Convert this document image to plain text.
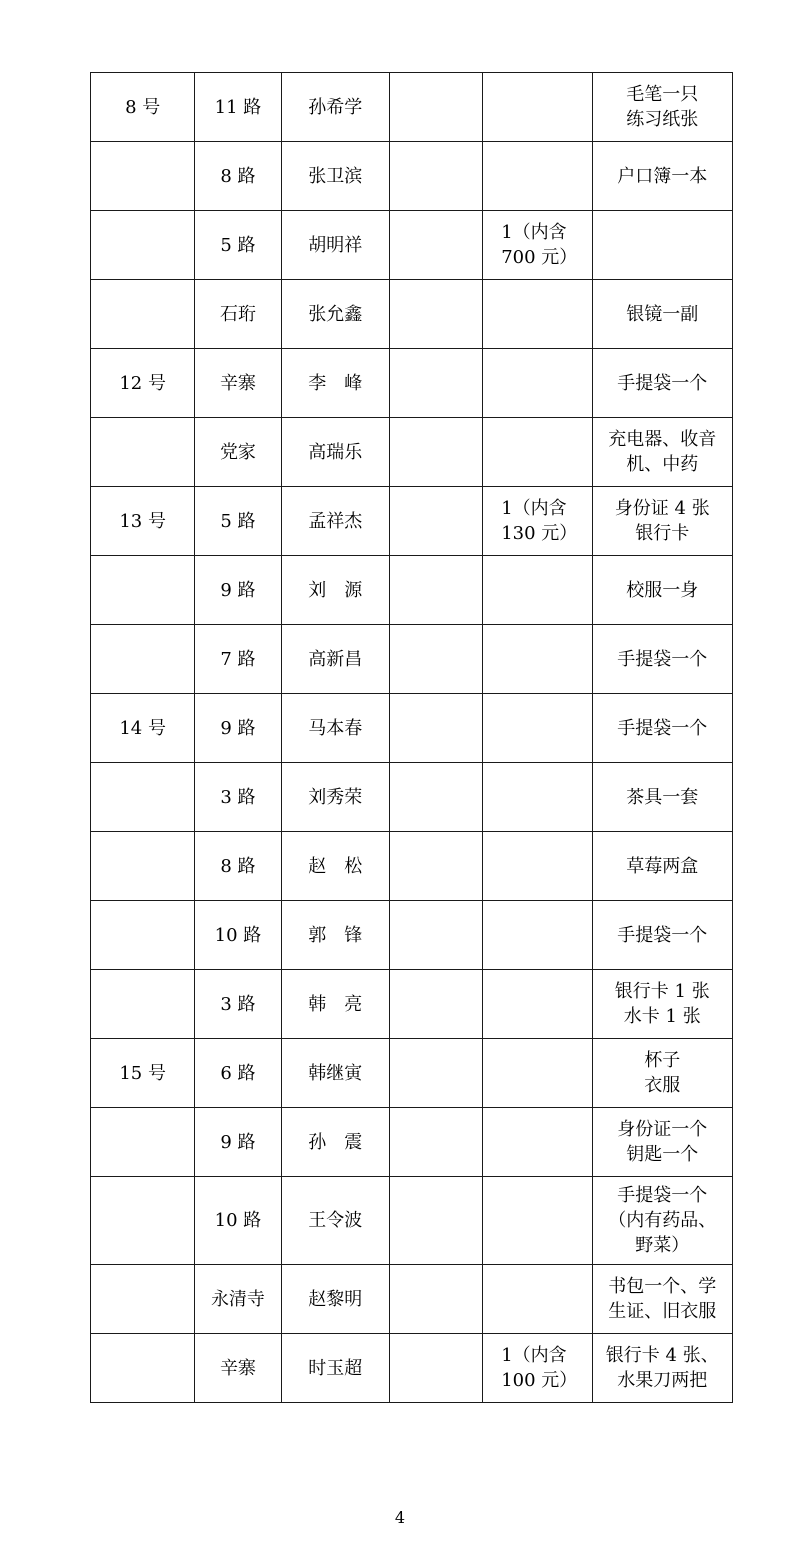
8 号	11 路	孙希学			毛笔一只
练习纸张
	8 路	张卫滨			户口簿一本
	5 路	胡明祥		1（内含
700 元）	
	石珩	张允鑫			银镜一副
12 号	辛寨	李　峰			手提袋一个
	党家	高瑞乐			充电器、收音
机、中药
13 号	5 路	孟祥杰		1（内含
130 元）	身份证 4 张
银行卡
	9 路	刘　源			校服一身
	7 路	高新昌			手提袋一个
14 号	9 路	马本春			手提袋一个
	3 路	刘秀荣			茶具一套
	8 路	赵　松			草莓两盒
	10 路	郭　锋			手提袋一个
	3 路	韩　亮			银行卡 1 张
水卡 1 张
15 号	6 路	韩继寅			杯子
衣服
	9 路	孙　震			身份证一个
钥匙一个
	10 路	王令波			手提袋一个
（内有药品、
野菜）
	永清寺	赵黎明			书包一个、学
生证、旧衣服
	辛寨	时玉超		1（内含
100 元）	银行卡 4 张、
水果刀两把
4
